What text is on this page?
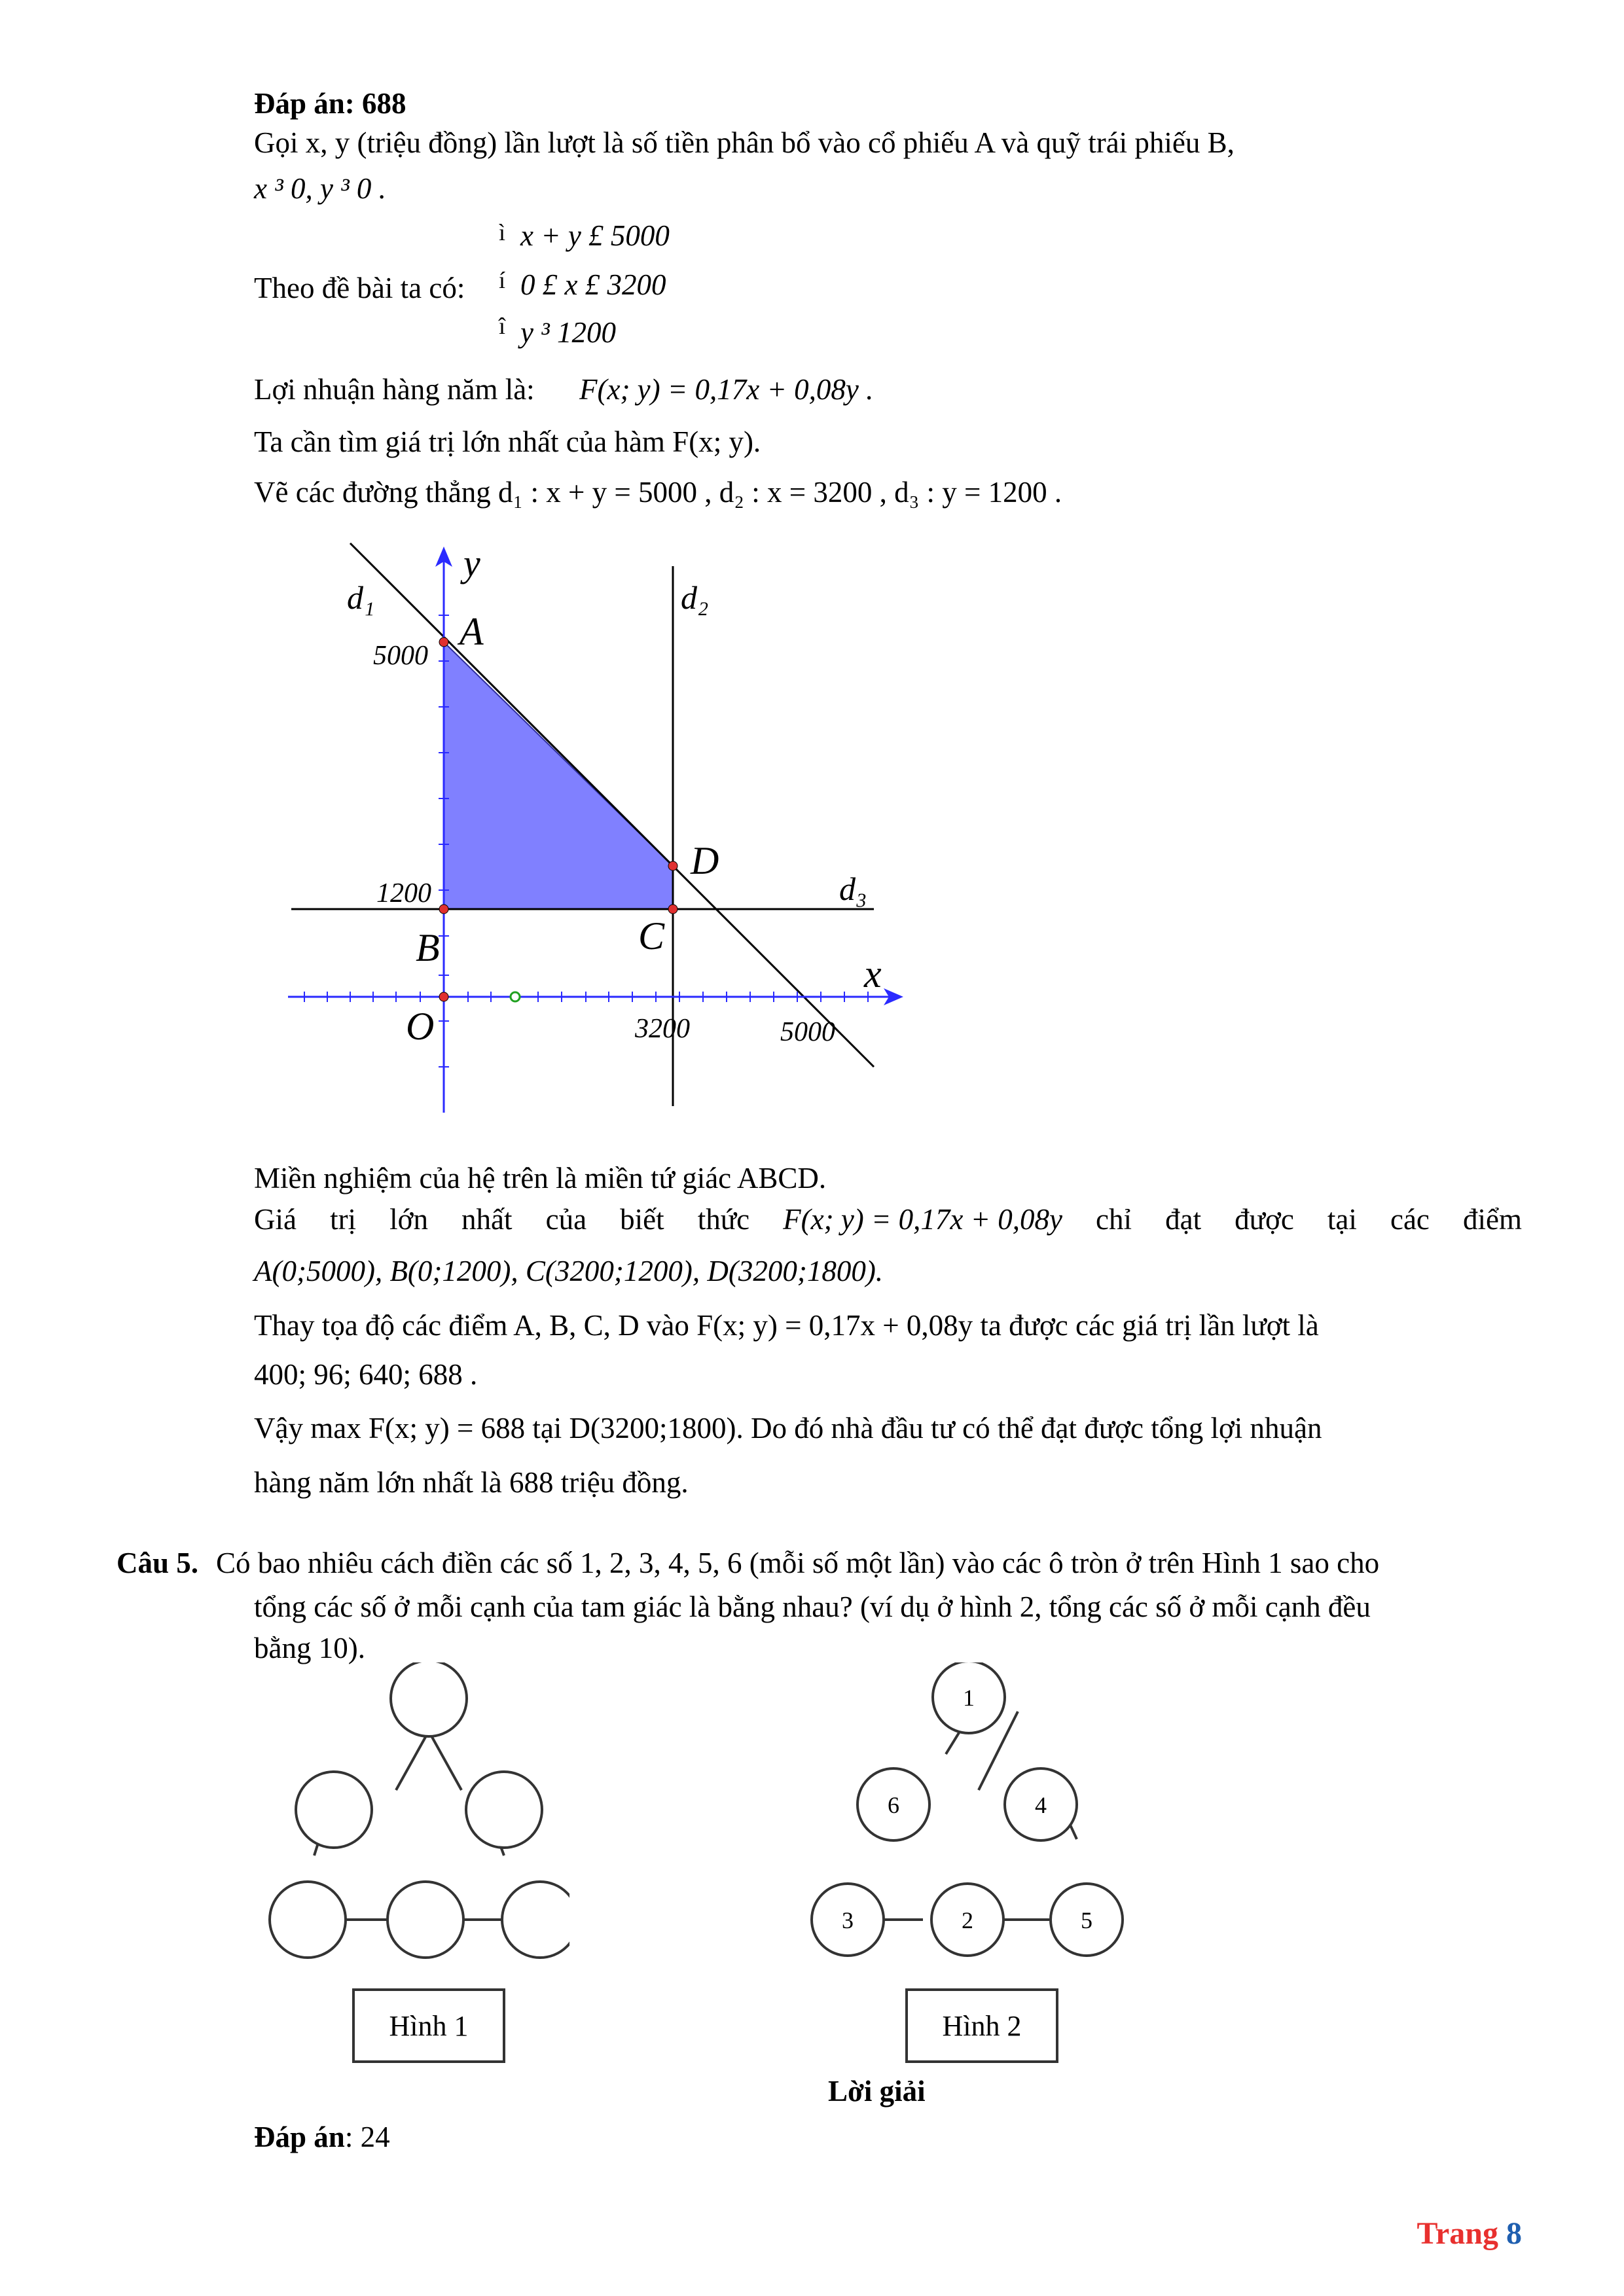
Đáp án: 688
Gọi x, y (triệu đồng) lần lượt là số tiền phân bổ vào cổ phiếu A và quỹ trái phiếu B,
x ³ 0, y ³ 0 .
Theo đề bài ta có:
ì
í
î
x + y £ 5000
0 £ x £ 3200
y ³ 1200
Lợi nhuận hàng năm là: F(x; y) = 0,17x + 0,08y .
Ta cần tìm giá trị lớn nhất của hàm F(x; y).
Vẽ các đường thẳng d₁ : x + y = 5000 , d₂ : x = 3200 , d₃ : y = 1200 .
d₁
y
d₂
A
5000
D
d₃
1200
B	C
x
O	3200	5000
Miền nghiệm của hệ trên là miền tứ giác ABCD.
Giá trị lớn nhất của biết thức F(x; y) = 0,17x + 0,08y chỉ đạt được tại các điểm
A(0;5000), B(0;1200), C(3200;1200), D(3200;1800).
Thay tọa độ các điểm A, B, C, D vào F(x; y) = 0,17x + 0,08y ta được các giá trị lần lượt là
400; 96; 640; 688 .
Vậy max F(x; y) = 688 tại D(3200;1800). Do đó nhà đầu tư có thể đạt được tổng lợi nhuận
hàng năm lớn nhất là 688 triệu đồng.
Câu 5. Có bao nhiêu cách điền các số 1, 2, 3, 4, 5, 6 (mỗi số một lần) vào các ô tròn ở trên Hình 1 sao cho
tổng các số ở mỗi cạnh của tam giác là bằng nhau? (ví dụ ở hình 2, tổng các số ở mỗi cạnh đều
bằng 10).
Hình 1
1
6	4
3	2	5
Hình 2
Lời giải
Đáp án: 24
Trang 8
